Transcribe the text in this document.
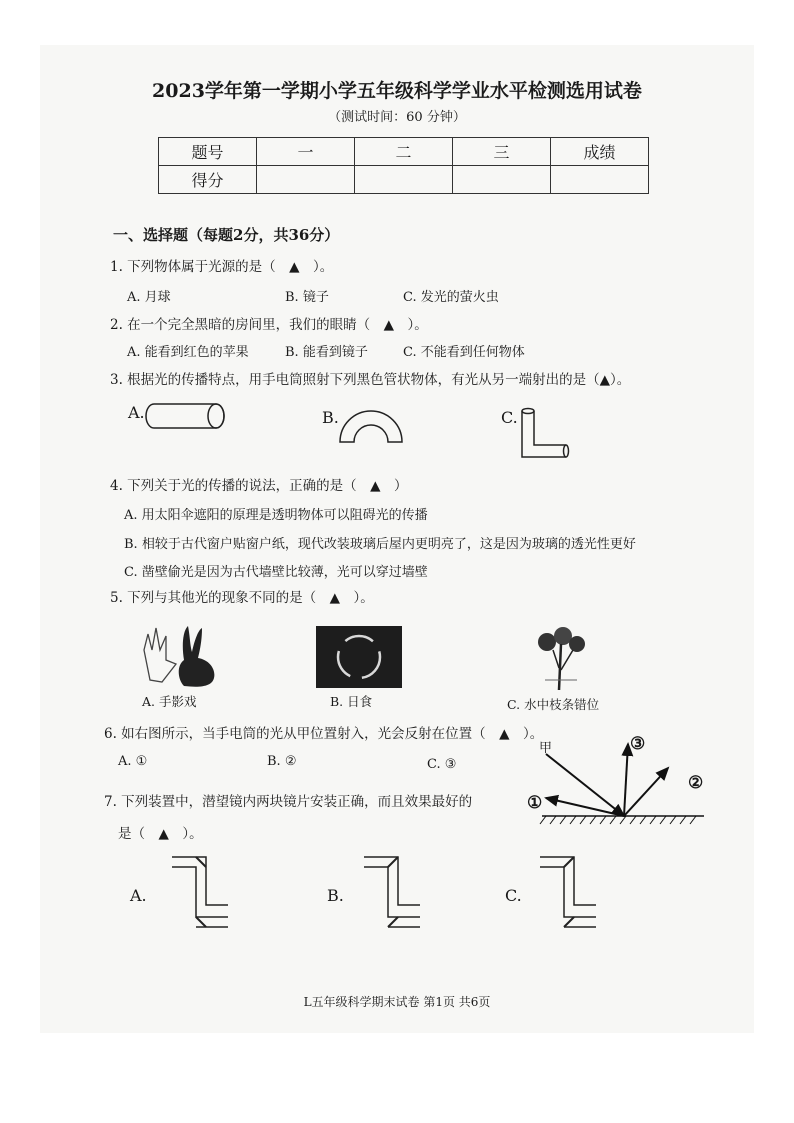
2023学年第一学期小学五年级科学学业水平检测选用试卷
（测试时间：60 分钟）
题号	一	二	三	成绩
得分				
一、选择题（每题2分，共36分）
1. 下列物体属于光源的是（　▲　）。
A. 月球	B. 镜子	C. 发光的萤火虫
2. 在一个完全黑暗的房间里，我们的眼睛（　▲　）。
A. 能看到红色的苹果	B. 能看到镜子	C. 不能看到任何物体
3. 根据光的传播特点，用手电筒照射下列黑色管状物体，有光从另一端射出的是（▲）。
A.	B.	C.
4. 下列关于光的传播的说法，正确的是（　▲　）
A. 用太阳伞遮阳的原理是透明物体可以阻碍光的传播
B. 相较于古代窗户贴窗户纸，现代改装玻璃后屋内更明亮了，这是因为玻璃的透光性更好
C. 凿壁偷光是因为古代墙壁比较薄，光可以穿过墙壁
5. 下列与其他光的现象不同的是（　▲　）。
A. 手影戏	B. 日食	C. 水中枝条错位
6. 如右图所示，当手电筒的光从甲位置射入，光会反射在位置（　▲　）。
A. ①	B. ②	C. ③
甲
①
②
③
7. 下列装置中，潜望镜内两块镜片安装正确，而且效果最好的
是（　▲　）。
A.	B.	C.
L五年级科学期末试卷 第1页 共6页
